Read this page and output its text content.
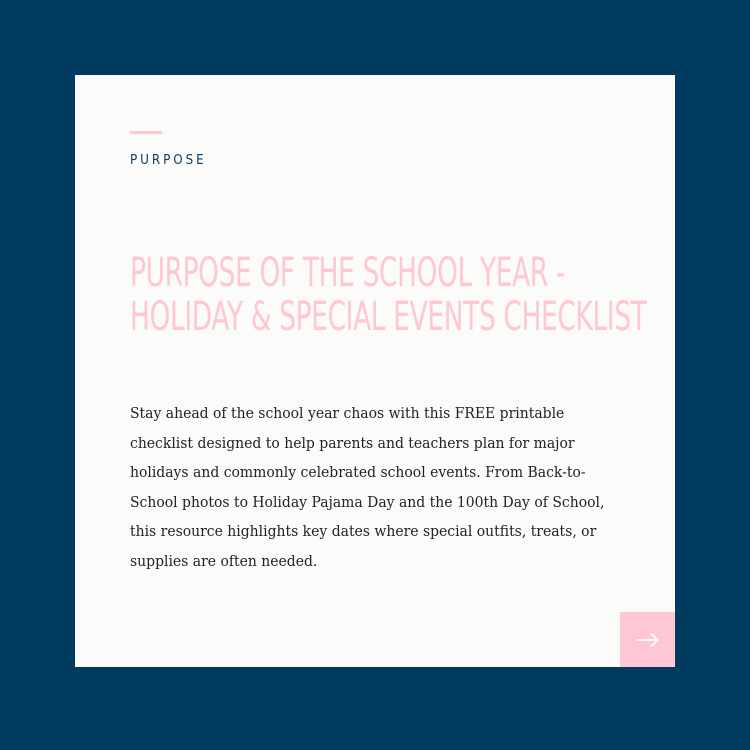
PURPOSE
PURPOSE OF THE SCHOOL YEAR - HOLIDAY & SPECIAL EVENTS CHECKLIST

Stay ahead of the school year chaos with this FREE printable checklist designed to help parents and teachers plan for major holidays and commonly celebrated school events. From Back-to-School photos to Holiday Pajama Day and the 100th Day of School, this resource highlights key dates where special outfits, treats, or supplies are often needed.
